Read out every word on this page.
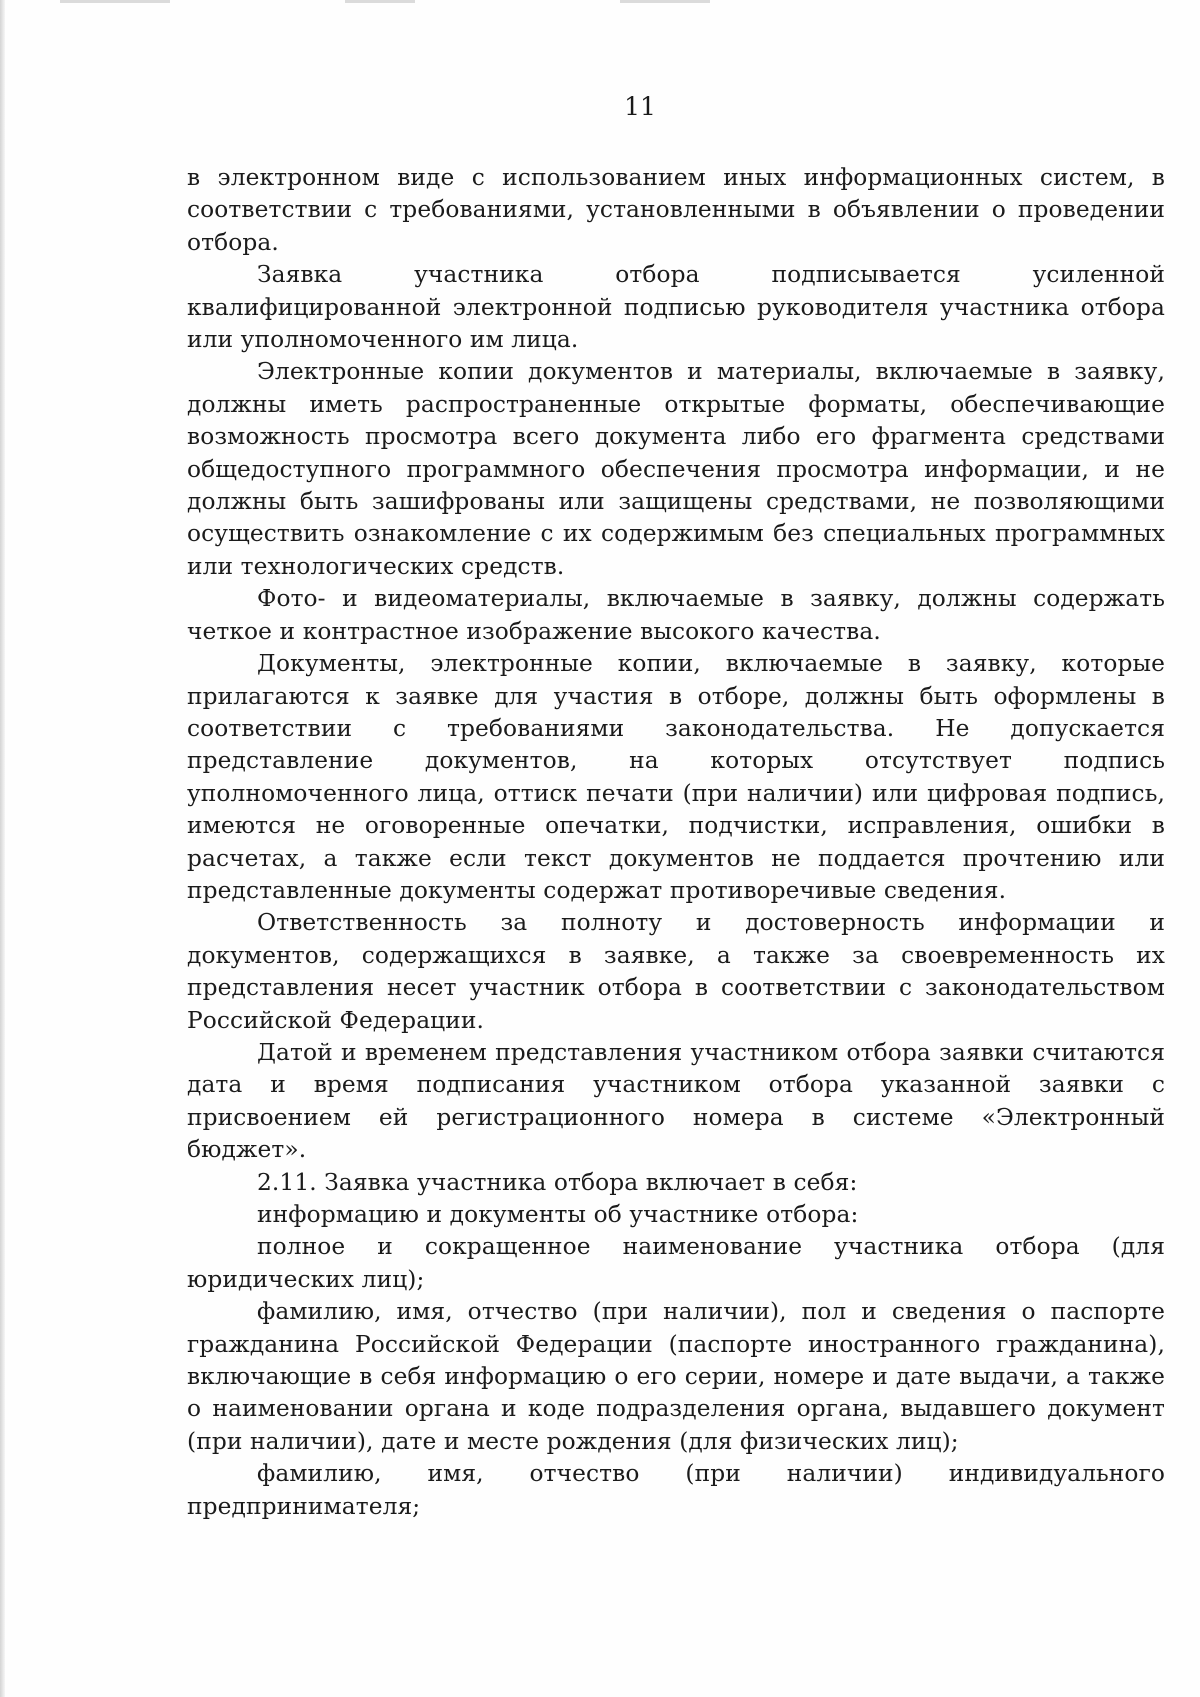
11

в электронном виде с использованием иных информационных систем, в соответствии с требованиями, установленными в объявлении о проведении отбора.

Заявка участника отбора подписывается усиленной квалифицированной электронной подписью руководителя участника отбора или уполномоченного им лица.

Электронные копии документов и материалы, включаемые в заявку, должны иметь распространенные открытые форматы, обеспечивающие возможность просмотра всего документа либо его фрагмента средствами общедоступного программного обеспечения просмотра информации, и не должны быть зашифрованы или защищены средствами, не позволяющими осуществить ознакомление с их содержимым без специальных программных или технологических средств.

Фото- и видеоматериалы, включаемые в заявку, должны содержать четкое и контрастное изображение высокого качества.

Документы, электронные копии, включаемые в заявку, которые прилагаются к заявке для участия в отборе, должны быть оформлены в соответствии с требованиями законодательства. Не допускается представление документов, на которых отсутствует подпись уполномоченного лица, оттиск печати (при наличии) или цифровая подпись, имеются не оговоренные опечатки, подчистки, исправления, ошибки в расчетах, а также если текст документов не поддается прочтению или представленные документы содержат противоречивые сведения.

Ответственность за полноту и достоверность информации и документов, содержащихся в заявке, а также за своевременность их представления несет участник отбора в соответствии с законодательством Российской Федерации.

Датой и временем представления участником отбора заявки считаются дата и время подписания участником отбора указанной заявки с присвоением ей регистрационного номера в системе «Электронный бюджет».

2.11. Заявка участника отбора включает в себя:

информацию и документы об участнике отбора:

полное и сокращенное наименование участника отбора (для юридических лиц);

фамилию, имя, отчество (при наличии), пол и сведения о паспорте гражданина Российской Федерации (паспорте иностранного гражданина), включающие в себя информацию о его серии, номере и дате выдачи, а также о наименовании органа и коде подразделения органа, выдавшего документ (при наличии), дате и месте рождения (для физических лиц);

фамилию, имя, отчество (при наличии) индивидуального предпринимателя;
